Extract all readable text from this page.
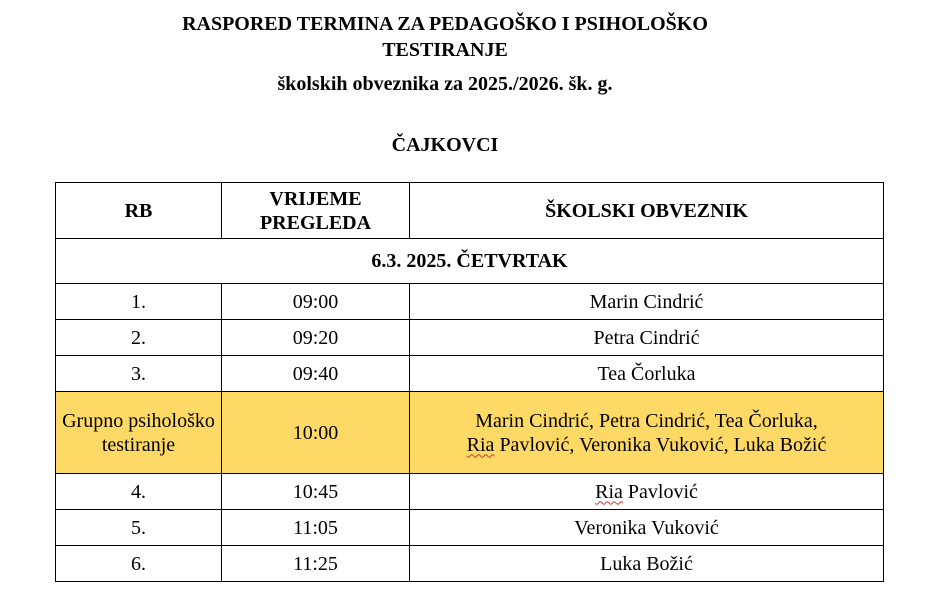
RASPORED TERMINA ZA PEDAGOŠKO I PSIHOLOŠKO
TESTIRANJE
školskih obveznika za 2025./2026. šk. g.
ČAJKOVCI
RB	VRIJEME PREGLEDA	ŠKOLSKI OBVEZNIK
6.3. 2025. ČETVRTAK		
1.	09:00	Marin Cindrić
2.	09:20	Petra Cindrić
3.	09:40	Tea Čorluka
Grupno psihološko testiranje	10:00	Marin Cindrić, Petra Cindrić, Tea Čorluka,
Ria Pavlović, Veronika Vuković, Luka Božić
4.	10:45	Ria Pavlović
5.	11:05	Veronika Vuković
6.	11:25	Luka Božić
